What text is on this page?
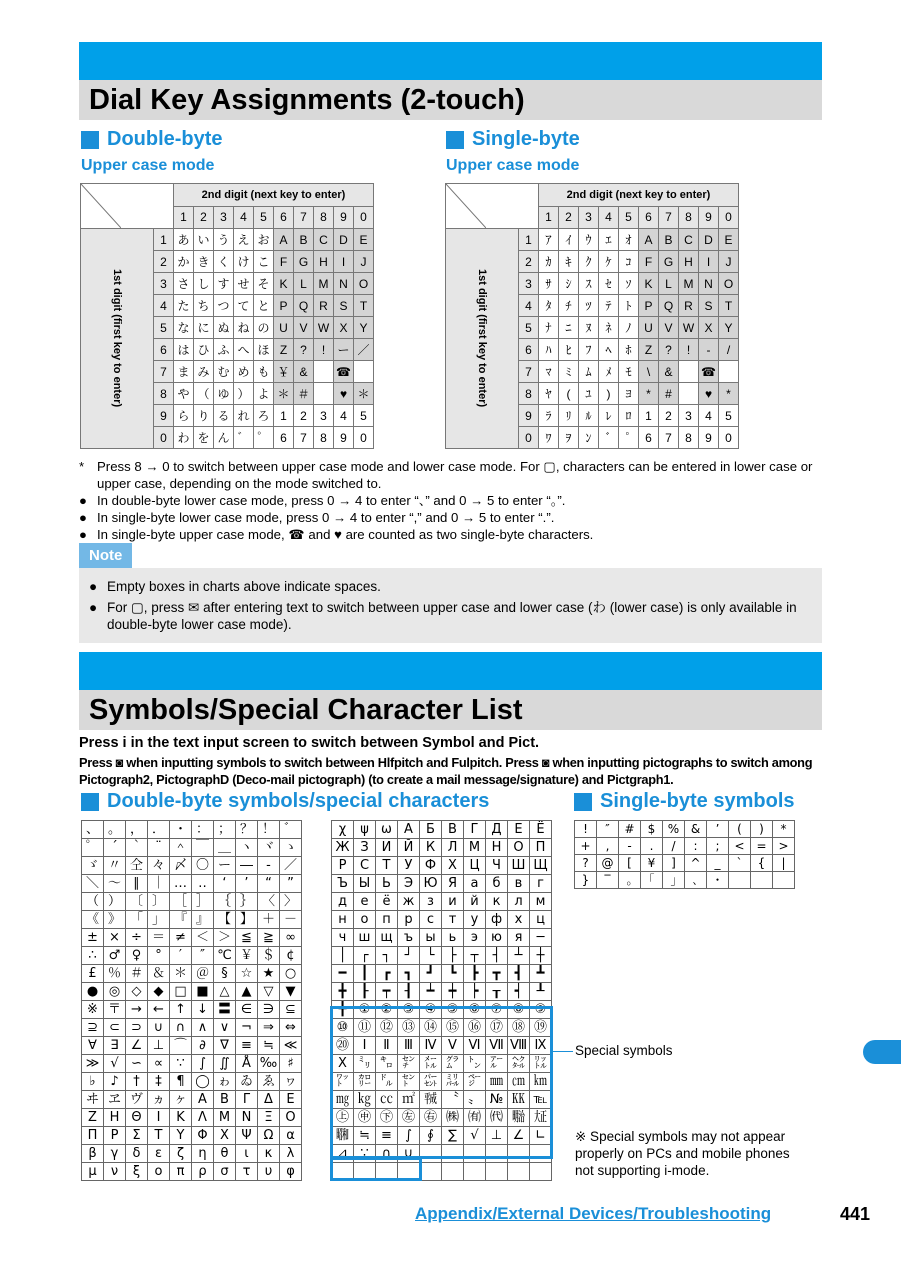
Dial Key Assignments (2-touch)
Double-byte
Upper case mode
Single-byte
Upper case mode
	2nd digit (next key to enter)									
		1	2	3	4	5	6	7	8	9	0
1st digit (first key to enter)	1	あ	い	う	え	お	A	B	C	D	E
	2	か	き	く	け	こ	F	G	H	I	J
	3	さ	し	す	せ	そ	K	L	M	N	O
	4	た	ち	つ	て	と	P	Q	R	S	T
	5	な	に	ぬ	ね	の	U	V	W	X	Y
	6	は	ひ	ふ	へ	ほ	Z	?	!	ー	／
	7	ま	み	む	め	も	￥	&		☎	
	8	や	（	ゆ	）	よ	＊	＃		♥	＊
	9	ら	り	る	れ	ろ	1	2	3	4	5
	0	わ	を	ん	゛	゜	6	7	8	9	0
	2nd digit (next key to enter)									
		1	2	3	4	5	6	7	8	9	0
1st digit (first key to enter)	1	ｱ	ｲ	ｳ	ｴ	ｵ	A	B	C	D	E
	2	ｶ	ｷ	ｸ	ｹ	ｺ	F	G	H	I	J
	3	ｻ	ｼ	ｽ	ｾ	ｿ	K	L	M	N	O
	4	ﾀ	ﾁ	ﾂ	ﾃ	ﾄ	P	Q	R	S	T
	5	ﾅ	ﾆ	ﾇ	ﾈ	ﾉ	U	V	W	X	Y
	6	ﾊ	ﾋ	ﾌ	ﾍ	ﾎ	Z	?	!	-	/
	7	ﾏ	ﾐ	ﾑ	ﾒ	ﾓ	\	&		☎	
	8	ﾔ	(	ﾕ	)	ﾖ	*	#		♥	*
	9	ﾗ	ﾘ	ﾙ	ﾚ	ﾛ	1	2	3	4	5
	0	ﾜ	ｦ	ﾝ	ﾞ	ﾟ	6	7	8	9	0
* Press 8 → 0 to switch between upper case mode and lower case mode. For ▢, characters can be entered in lower case or upper case, depending on the mode switched to.
● In double-byte lower case mode, press 0 → 4 to enter “、” and 0 → 5 to enter “。”.
● In single-byte lower case mode, press 0 → 4 to enter “,” and 0 → 5 to enter “.”.
● In single-byte upper case mode, ☎ and ♥ are counted as two single-byte characters.
Note
● Empty boxes in charts above indicate spaces.
● For ▢, press ✉ after entering text to switch between upper case and lower case (わ (lower case) is only available in double-byte lower case mode).
Symbols/Special Character List
Press i in the text input screen to switch between Symbol and Pict.
Press ◙ when inputting symbols to switch between Hlfpitch and Fulpitch. Press ◙ when inputting pictographs to switch among Pictograph2, PictographD (Deco-mail pictograph) (to create a mail message/signature) and Pictgraph1.
Double-byte symbols/special characters	Single-byte symbols
、	。	，	．	・	：	；	？	！	゛
゜	´	｀	¨	＾	￣	＿	ヽ	ヾ	ゝ
ゞ	〃	仝	々	〆	〇	ー	―	‐	／
＼	～	∥	｜	…	‥	‘	’	“	”
（	）	〔	〕	［	］	｛	｝	〈	〉
《	》	「	」	『	』	【	】	＋	－
±	×	÷	＝	≠	＜	＞	≦	≧	∞
∴	♂	♀	°	′	″	℃	￥	＄	¢
£	％	＃	＆	＊	＠	§	☆	★	○
●	◎	◇	◆	□	■	△	▲	▽	▼
※	〒	→	←	↑	↓	〓	∈	∋	⊆
⊇	⊂	⊃	∪	∩	∧	∨	¬	⇒	⇔
∀	∃	∠	⊥	⌒	∂	∇	≡	≒	≪
≫	√	∽	∝	∵	∫	∬	Å	‰	♯
♭	♪	†	‡	¶	◯	ゎ	ゐ	ゑ	ヮ
ヰ	ヱ	ヴ	ヵ	ヶ	Α	Β	Γ	Δ	Ε
Ζ	Η	Θ	Ι	Κ	Λ	Μ	Ν	Ξ	Ο
Π	Ρ	Σ	Τ	Υ	Φ	Χ	Ψ	Ω	α
β	γ	δ	ε	ζ	η	θ	ι	κ	λ
μ	ν	ξ	ο	π	ρ	σ	τ	υ	φ
χ	ψ	ω	А	Б	В	Г	Д	Е	Ё
Ж	З	И	Й	К	Л	М	Н	О	П
Р	С	Т	У	Ф	Х	Ц	Ч	Ш	Щ
Ъ	Ы	Ь	Э	Ю	Я	а	б	в	г
д	е	ё	ж	з	и	й	к	л	м
н	о	п	р	с	т	у	ф	х	ц
ч	ш	щ	ъ	ы	ь	э	ю	я	─
│	┌	┐	┘	└	├	┬	┤	┴	┼
━	┃	┏	┓	┛	┗	┣	┳	┫	┻
╋	┠	┯	┨	┷	┿	┝	┰	┥	┸
╂	①	②	③	④	⑤	⑥	⑦	⑧	⑨
⑩	⑪	⑫	⑬	⑭	⑮	⑯	⑰	⑱	⑲
⑳	Ⅰ	Ⅱ	Ⅲ	Ⅳ	Ⅴ	Ⅵ	Ⅶ	Ⅷ	Ⅸ
Ⅹ	㍉	㌔	㌢	㍍	㌘	㌧	㌃	㌶	㍑
㍗	㌍	㌦	㌣	㌫	㍊	㌻	㎜	㎝	㎞
㎎	㎏	㏄	㎡	㍻	〝	〟	№	㏍	℡
㊤	㊥	㊦	㊧	㊨	㈱	㈲	㈹	㍾	㍽
㍼	≒	≡	∫	∮	∑	√	⊥	∠	∟
⊿	∵	∩	∪						

!	″	#	$	%	&	’	(	)	*
+	,	-	.	/	:	;	<	=	>
?	@	[	¥	]	^	_	`	{	|
}	‾	｡	｢	｣	､	･			
Special symbols
※ Special symbols may not appear properly on PCs and mobile phones not supporting i-mode.
Appendix/External Devices/Troubleshooting	441
